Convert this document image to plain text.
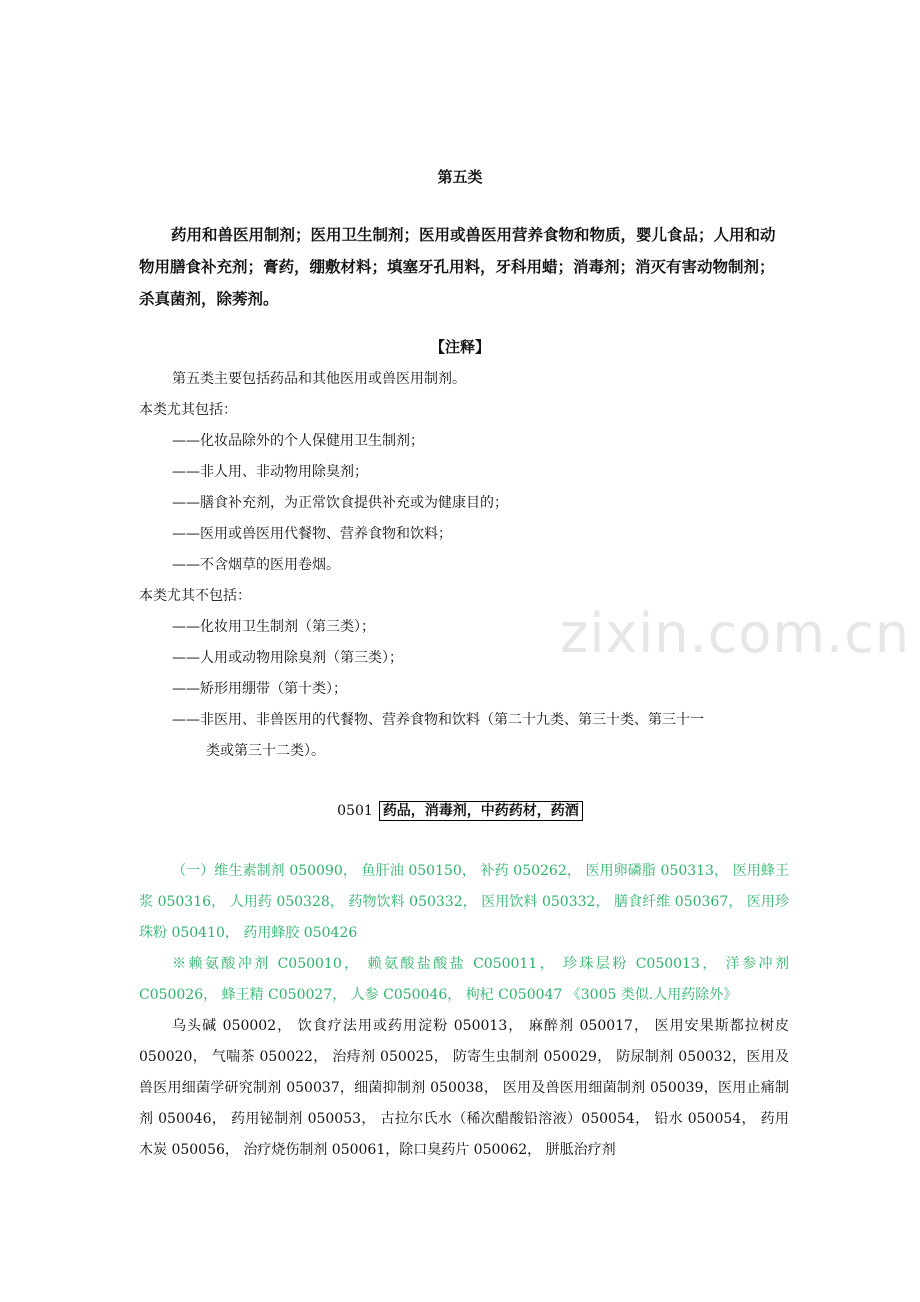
第五类

药用和兽医用制剂；医用卫生制剂；医用或兽医用营养食物和物质，婴儿食品；人用和动物用膳食补充剂；膏药，绷敷材料；填塞牙孔用料，牙科用蜡；消毒剂；消灭有害动物制剂；杀真菌剂，除莠剂。

【注释】
第五类主要包括药品和其他医用或兽医用制剂。
本类尤其包括：
——化妆品除外的个人保健用卫生制剂；
——非人用、非动物用除臭剂；
——膳食补充剂，为正常饮食提供补充或为健康目的；
——医用或兽医用代餐物、营养食物和饮料；
——不含烟草的医用卷烟。
本类尤其不包括：
——化妆用卫生制剂（第三类）；
——人用或动物用除臭剂（第三类）；
——矫形用绷带（第十类）；
——非医用、非兽医用的代餐物、营养食物和饮料（第二十九类、第三十类、第三十一
类或第三十二类）。
zixin.com.cn
0501 药品，消毒剂，中药药材，药酒

（一）维生素制剂 050090， 鱼肝油 050150， 补药 050262， 医用卵磷脂 050313， 医用蜂王浆 050316， 人用药 050328， 药物饮料 050332， 医用饮料 050332， 膳食纤维 050367， 医用珍珠粉 050410， 药用蜂胶 050426

※赖氨酸冲剂 C050010， 赖氨酸盐酸盐 C050011， 珍珠层粉 C050013， 洋参冲剂 C050026， 蜂王精 C050027， 人参 C050046， 枸杞 C050047 《3005 类似.人用药除外》

乌头碱 050002， 饮食疗法用或药用淀粉 050013， 麻醉剂 050017， 医用安果斯都拉树皮 050020， 气喘茶 050022， 治痔剂 050025， 防寄生虫制剂 050029， 防尿制剂 050032，医用及兽医用细菌学研究制剂 050037，细菌抑制剂 050038， 医用及兽医用细菌制剂 050039，医用止痛制剂 050046， 药用铋制剂 050053， 古拉尔氏水（稀次醋酸铅溶液）050054， 铅水 050054， 药用木炭 050056， 治疗烧伤制剂 050061，除口臭药片 050062， 胼胝治疗剂
